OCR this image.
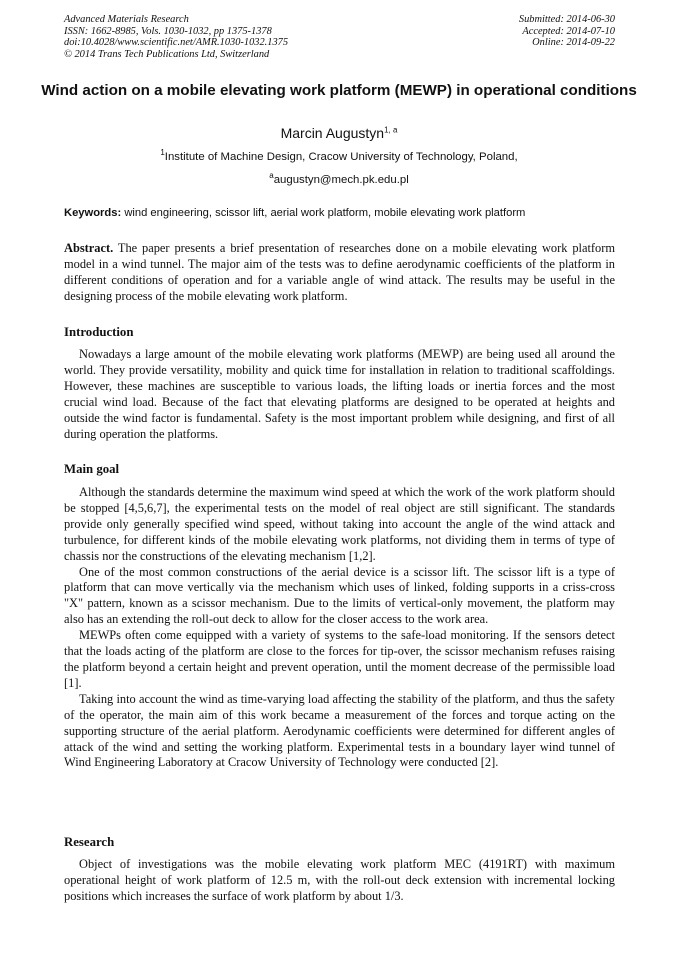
Advanced Materials Research
ISSN: 1662-8985, Vols. 1030-1032, pp 1375-1378
doi:10.4028/www.scientific.net/AMR.1030-1032.1375
© 2014 Trans Tech Publications Ltd, Switzerland
Submitted: 2014-06-30
Accepted: 2014-07-10
Online: 2014-09-22
Wind action on a mobile elevating work platform (MEWP) in operational conditions
Marcin Augustyn$^{1, a}$
$^1$Institute of Machine Design, Cracow University of Technology, Poland,
$^a$augustyn@mech.pk.edu.pl
Keywords: wind engineering, scissor lift, aerial work platform, mobile elevating work platform

Abstract. The paper presents a brief presentation of researches done on a mobile elevating work platform model in a wind tunnel. The major aim of the tests was to define aerodynamic coefficients of the platform in different conditions of operation and for a variable angle of wind attack. The results may be useful in the designing process of the mobile elevating work platform.

Introduction

Nowadays a large amount of the mobile elevating work platforms (MEWP) are being used all around the world. They provide versatility, mobility and quick time for installation in relation to traditional scaffoldings. However, these machines are susceptible to various loads, the lifting loads or inertia forces and the most crucial wind load. Because of the fact that elevating platforms are designed to be operated at heights and outside the wind factor is fundamental. Safety is the most important problem while designing, and first of all during operation the platforms.

Main goal

Although the standards determine the maximum wind speed at which the work of the work platform should be stopped [4,5,6,7], the experimental tests on the model of real object are still significant. The standards provide only generally specified wind speed, without taking into account the angle of the wind attack and turbulence, for different kinds of the mobile elevating work platforms, not dividing them in terms of type of chassis nor the constructions of the elevating mechanism [1,2].

One of the most common constructions of the aerial device is a scissor lift. The scissor lift is a type of platform that can move vertically via the mechanism which uses of linked, folding supports in a criss-cross "X" pattern, known as a scissor mechanism. Due to the limits of vertical-only movement, the platform may also has an extending the roll-out deck to allow for the closer access to the work area.

MEWPs often come equipped with a variety of systems to the safe-load monitoring. If the sensors detect that the loads acting of the platform are close to the forces for tip-over, the scissor mechanism refuses raising the platform beyond a certain height and prevent operation, until the moment decrease of the permissible load [1].

Taking into account the wind as time-varying load affecting the stability of the platform, and thus the safety of the operator, the main aim of this work became a measurement of the forces and torque acting on the supporting structure of the aerial platform. Aerodynamic coefficients were determined for different angles of attack of the wind and setting the working platform. Experimental tests in a boundary layer wind tunnel of Wind Engineering Laboratory at Cracow University of Technology were conducted [2].

Research

Object of investigations was the mobile elevating work platform MEC (4191RT) with maximum operational height of work platform of 12.5 m, with the roll-out deck extension with incremental locking positions which increases the surface of work platform by about 1/3.
